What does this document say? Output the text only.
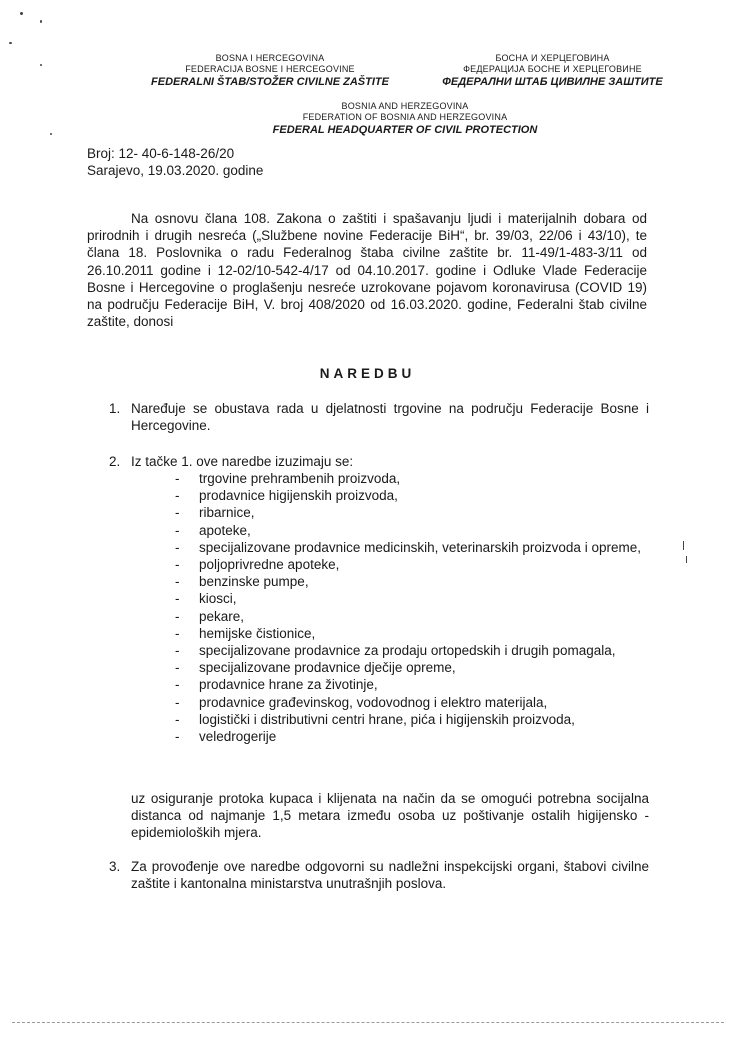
BOSNA I HERCEGOVINA
FEDERACIJA BOSNE I HERCEGOVINE
FEDERALNI ŠTAB/STOŽER CIVILNE ZAŠTITE
БОСНА И ХЕРЦЕГОВИНА
ФЕДЕРАЦИЈА БОСНЕ И ХЕРЦЕГОВИНЕ
ФЕДЕРАЛНИ ШТАБ ЦИВИЛНЕ ЗАШТИТЕ
BOSNIA AND HERZEGOVINA
FEDERATION OF BOSNIA AND HERZEGOVINA
FEDERAL HEADQUARTER OF CIVIL PROTECTION
Broj: 12- 40-6-148-26/20
Sarajevo, 19.03.2020. godine
Na osnovu člana 108. Zakona o zaštiti i spašavanju ljudi i materijalnih dobara od prirodnih i drugih nesreća („Službene novine Federacije BiH“, br. 39/03, 22/06 i 43/10), te člana 18. Poslovnika o radu Federalnog štaba civilne zaštite br. 11-49/1-483-3/11 od 26.10.2011 godine i 12-02/10-542-4/17 od 04.10.2017. godine i Odluke Vlade Federacije Bosne i Hercegovine o proglašenju nesreće uzrokovane pojavom koronavirusa (COVID 19) na području Federacije BiH, V. broj 408/2020 od 16.03.2020. godine, Federalni štab civilne zaštite, donosi
NAREDBU
1. Naređuje se obustava rada u djelatnosti trgovine na području Federacije Bosne i Hercegovine.
2. Iz tačke 1. ove naredbe izuzimaju se:
- trgovine prehrambenih proizvoda,
- prodavnice higijenskih proizvoda,
- ribarnice,
- apoteke,
- specijalizovane prodavnice medicinskih, veterinarskih proizvoda i opreme,
- poljoprivredne apoteke,
- benzinske pumpe,
- kiosci,
- pekare,
- hemijske čistionice,
- specijalizovane prodavnice za prodaju ortopedskih i drugih pomagala,
- specijalizovane prodavnice dječije opreme,
- prodavnice hrane za životinje,
- prodavnice građevinskog, vodovodnog i elektro materijala,
- logistički i distributivni centri hrane, pića i higijenskih proizvoda,
- veledrogerije
uz osiguranje protoka kupaca i klijenata na način da se omogući potrebna socijalna distanca od najmanje 1,5 metara između osoba uz poštivanje ostalih higijensko - epidemioloških mjera.
3. Za provođenje ove naredbe odgovorni su nadležni inspekcijski organi, štabovi civilne zaštite i kantonalna ministarstva unutrašnjih poslova.
